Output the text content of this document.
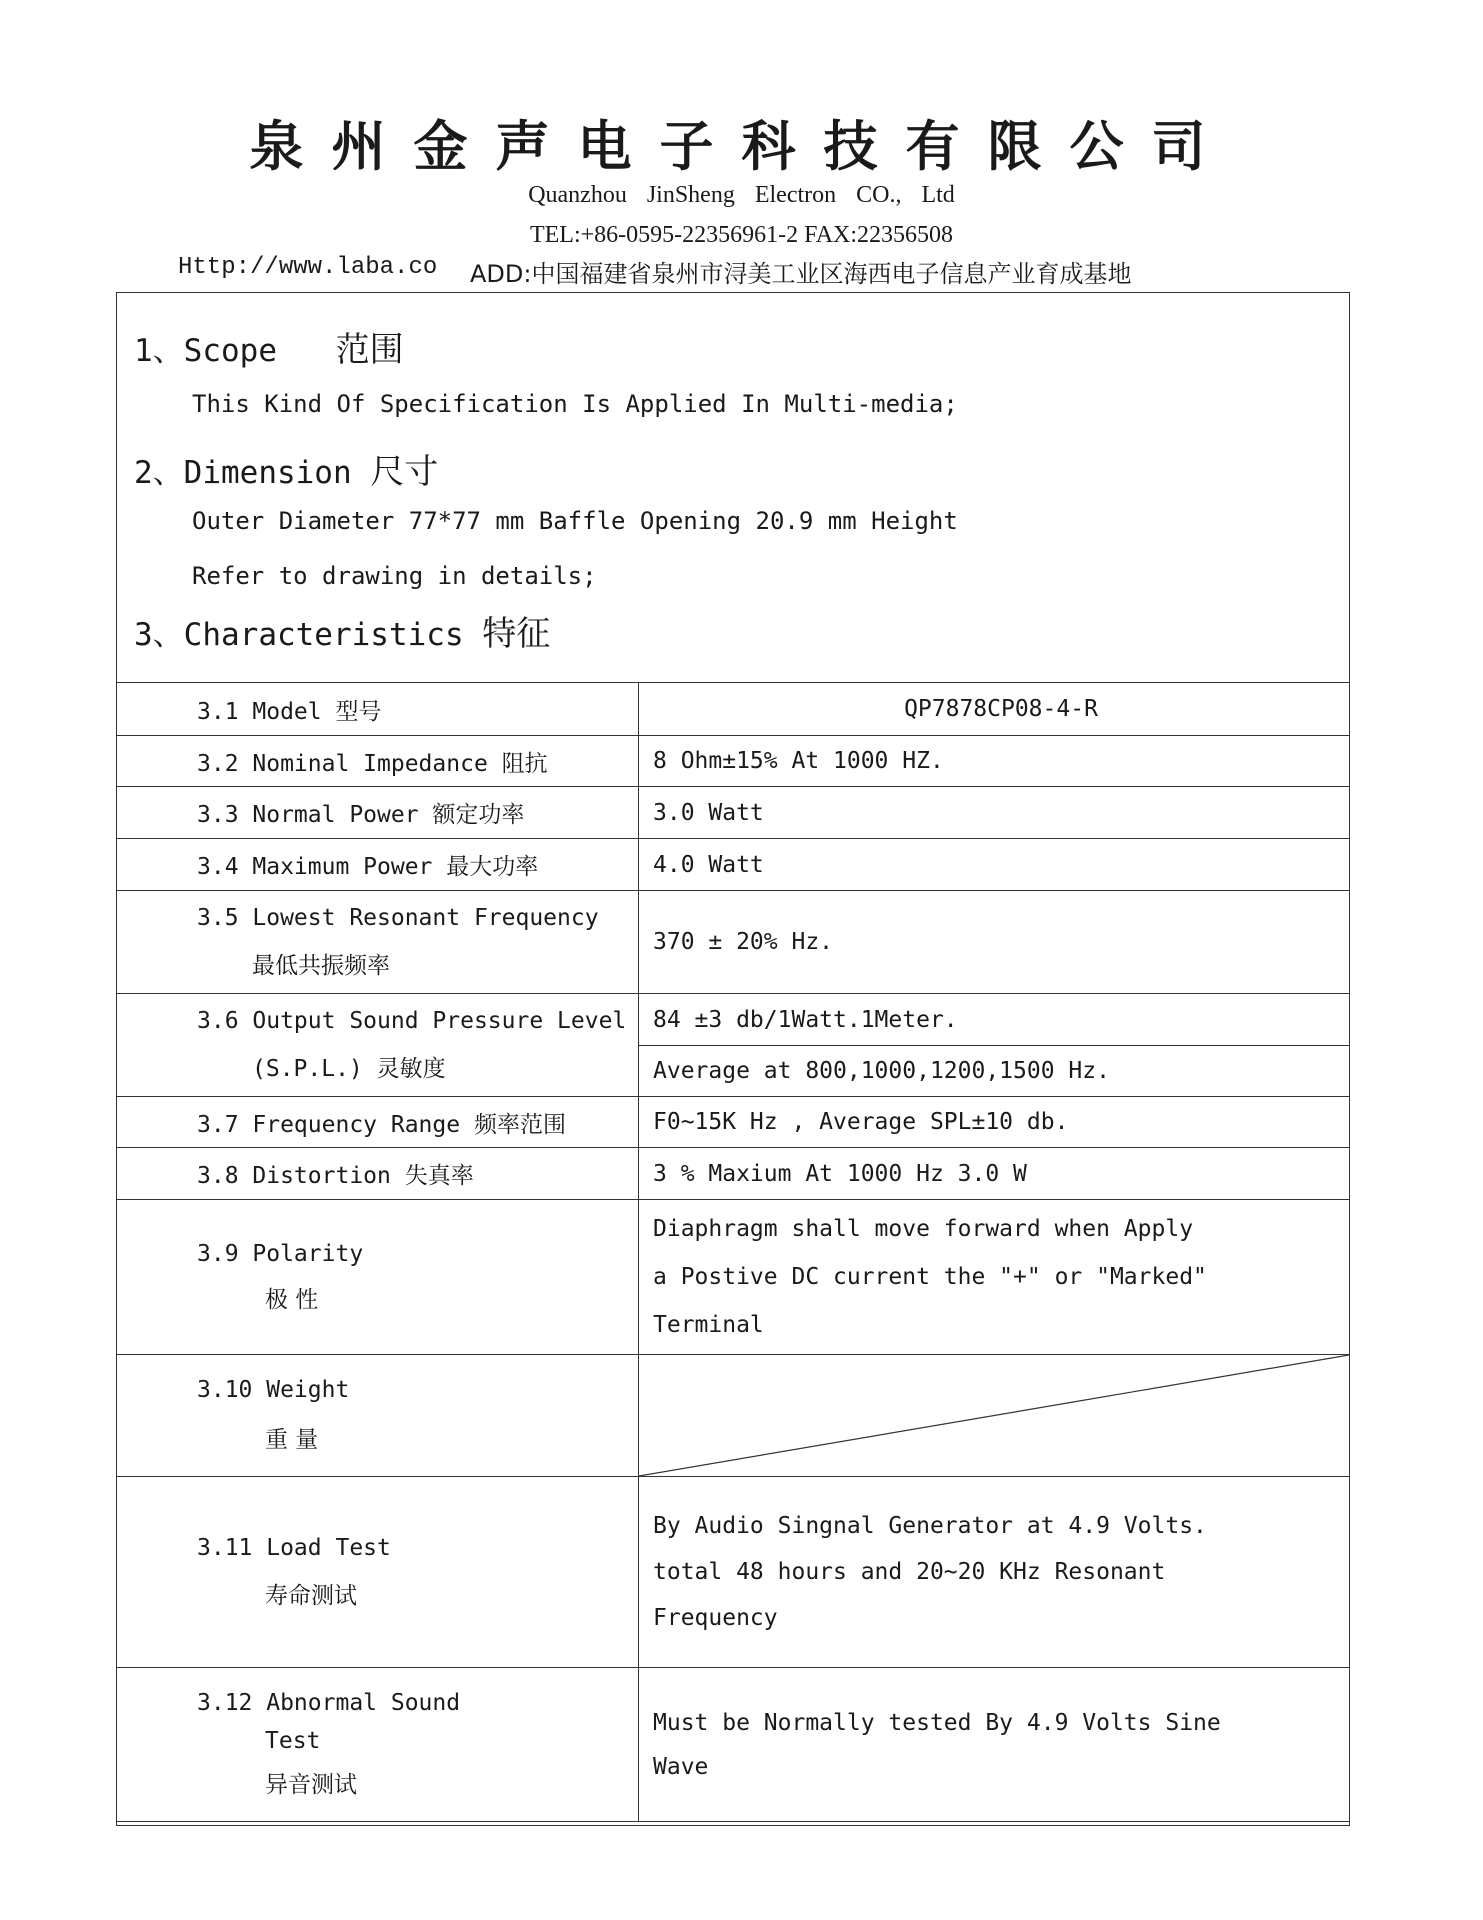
泉州金声电子科技有限公司
Quanzhou JinSheng Electron CO., Ltd
TEL:+86-0595-22356961-2 FAX:22356508
Http://www.laba.co ADD:中国福建省泉州市浔美工业区海西电子信息产业育成基地
1、Scope 范围
This Kind Of Specification Is Applied In Multi-media;
2、Dimension 尺寸
Outer Diameter 77*77 mm Baffle Opening 20.9 mm Height
Refer to drawing in details;
3、Characteristics 特征
3.1 Model 型号	QP7878CP08-4-R
3.2 Nominal Impedance 阻抗	8 Ohm±15% At 1000 HZ.
3.3 Normal Power 额定功率	3.0 Watt
3.4 Maximum Power 最大功率	4.0 Watt

3.5 Lowest Resonant Frequency
最低共振频率	370 ± 20% Hz.

3.6 Output Sound Pressure Level
(S.P.L.) 灵敏度	84 ±3 db/1Watt.1Meter.
	Average at 800,1000,1200,1500 Hz.
3.7 Frequency Range 频率范围	F0~15K Hz , Average SPL±10 db.
3.8 Distortion 失真率	3 % Maxium At 1000 Hz 3.0 W

3.9 Polarity
极 性	Diaphragm shall move forward when Apply
a Postive DC current the "+" or "Marked"
Terminal

3.10 Weight
重 量

3.11 Load Test
寿命测试	By Audio Singnal Generator at 4.9 Volts.
total 48 hours and 20~20 KHz Resonant
Frequency

3.12 Abnormal Sound
Test
异音测试	Must be Normally tested By 4.9 Volts Sine
Wave
